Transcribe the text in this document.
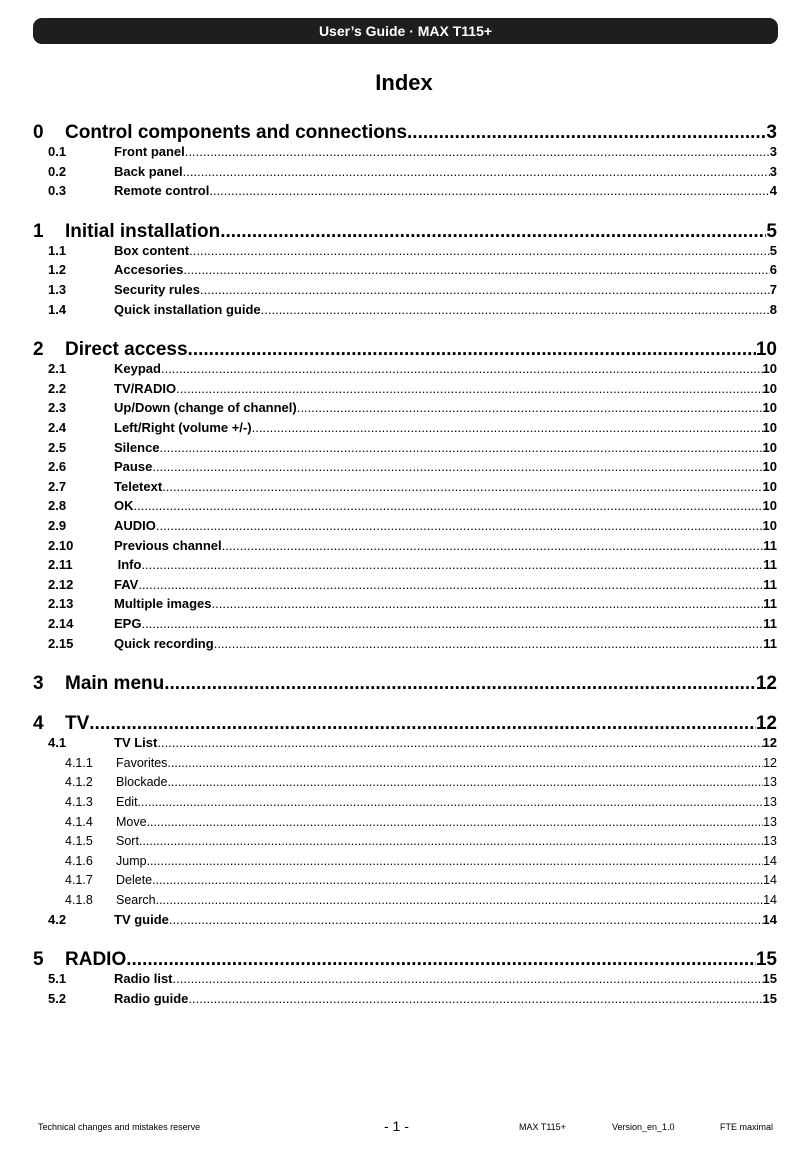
User’s Guide · MAX T115+
Index
0	Control components and connections. .....	3
0.1	Front panel .....	3
0.2	Back panel .....	3
0.3	Remote control .....	4
1	Initial installation .....	5
1.1	Box content .....	5
1.2	Accesories .....	6
1.3	Security rules .....	7
1.4	Quick installation guide .....	8
2	Direct access .....	10
2.1	Keypad .....	10
2.2	TV/RADIO .....	10
2.3	Up/Down (change of channel) .....	10
2.4	Left/Right (volume +/-) .....	10
2.5	Silence .....	10
2.6	Pause .....	10
2.7	Teletext .....	10
2.8	OK .....	10
2.9	AUDIO .....	10
2.10	Previous channel .....	11
2.11	Info .....	11
2.12	FAV .....	11
2.13	Multiple images .....	11
2.14	EPG .....	11
2.15	Quick recording .....	11
3	Main menu .....	12
4	TV .....	12
4.1	TV List .....	12
4.1.1	Favorites .....	12
4.1.2	Blockade .....	13
4.1.3	Edit .....	13
4.1.4	Move .....	13
4.1.5	Sort .....	13
4.1.6	Jump .....	14
4.1.7	Delete .....	14
4.1.8	Search .....	14
4.2	TV guide .....	14
5	RADIO .....	15
5.1	Radio list .....	15
5.2	Radio guide .....	15
Technical changes and mistakes reserve	- 1 -	MAX T115+	Version_en_1.0	FTE maximal
